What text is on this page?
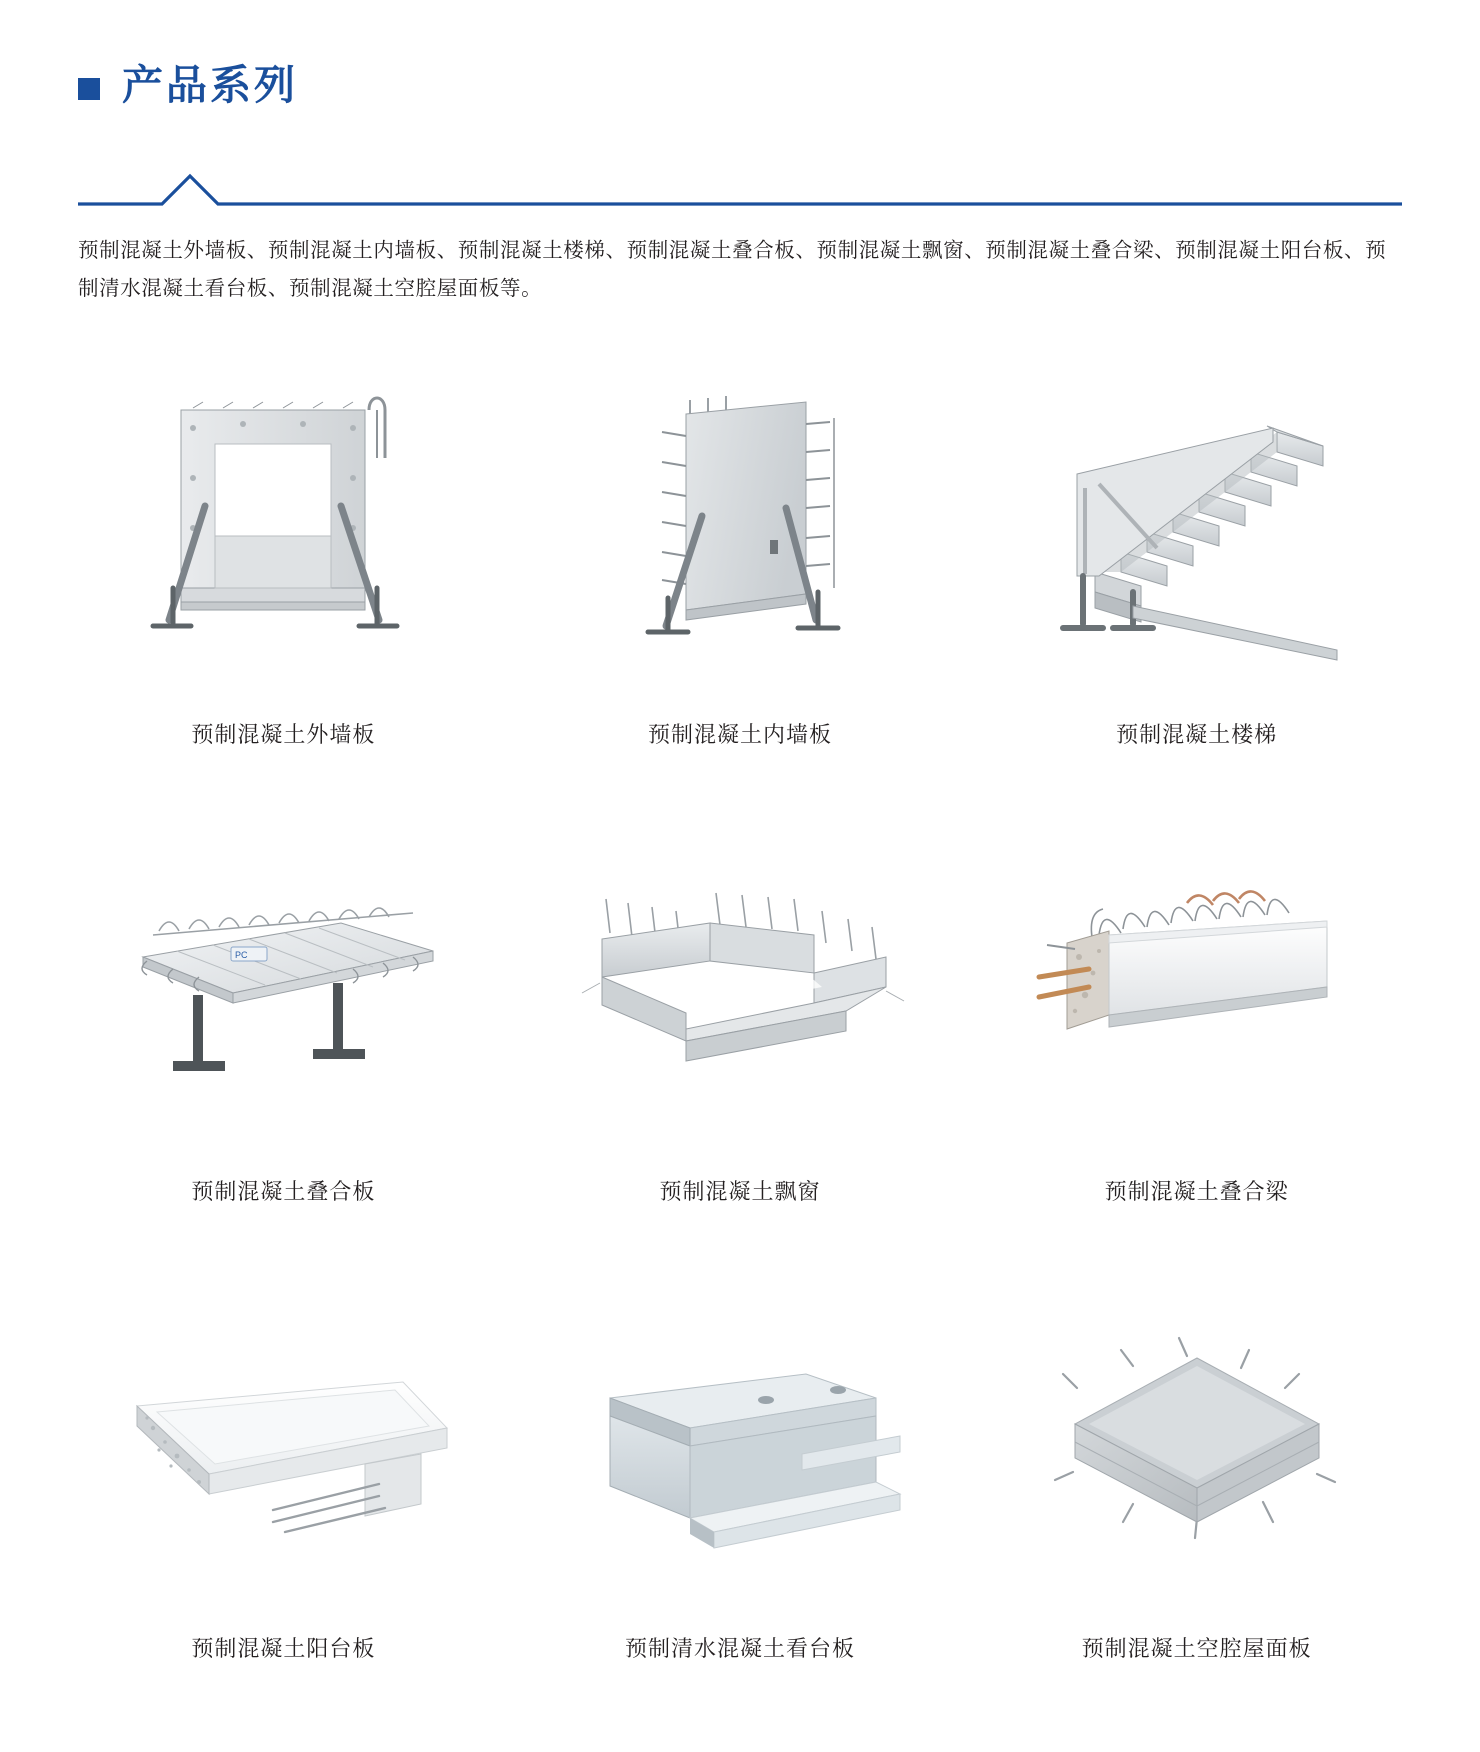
产品系列

预制混凝土外墙板、预制混凝土内墙板、预制混凝土楼梯、预制混凝土叠合板、预制混凝土飘窗、预制混凝土叠合梁、预制混凝土阳台板、预制清水混凝土看台板、预制混凝土空腔屋面板等。

预制混凝土外墙板	预制混凝土内墙板	预制混凝土楼梯
PC
预制混凝土叠合板	预制混凝土飘窗	预制混凝土叠合梁
预制混凝土阳台板	预制清水混凝土看台板	预制混凝土空腔屋面板
